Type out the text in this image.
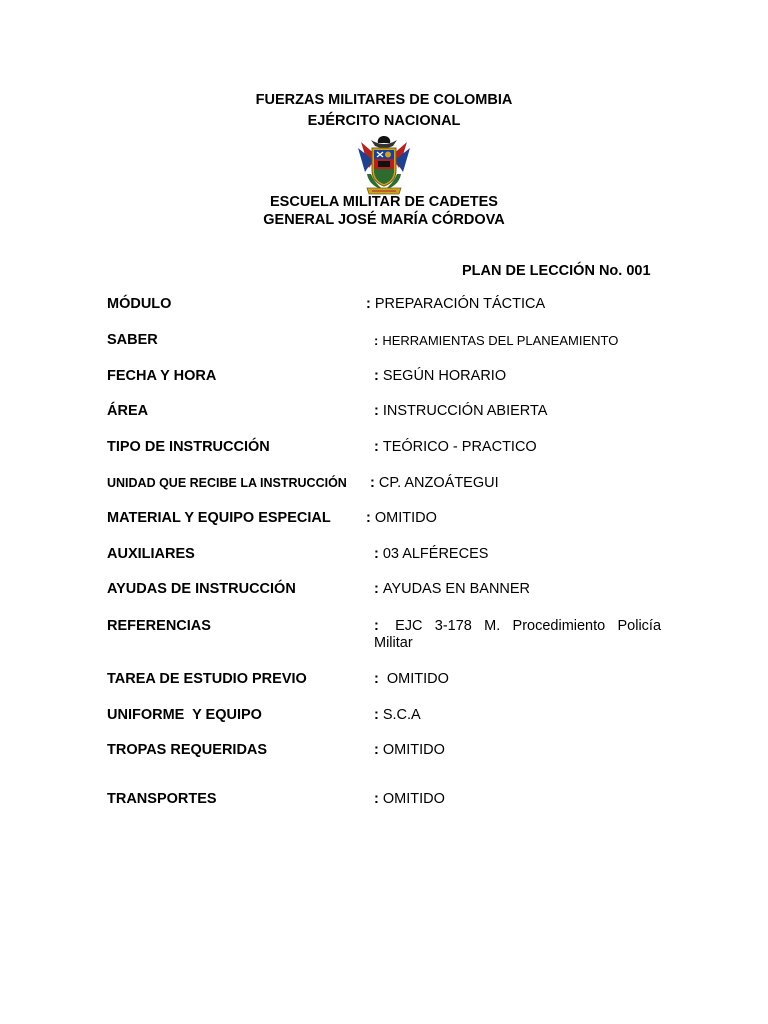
FUERZAS MILITARES DE COLOMBIA
EJÉRCITO NACIONAL
ESCUELA MILITAR DE CADETES
GENERAL JOSÉ MARÍA CÓRDOVA
PLAN DE LECCIÓN No. 001
MÓDULO	: PREPARACIÓN TÁCTICA
SABER	: HERRAMIENTAS DEL PLANEAMIENTO
FECHA Y HORA	: SEGÚN HORARIO
ÁREA	: INSTRUCCIÓN ABIERTA
TIPO DE INSTRUCCIÓN	: TEÓRICO - PRACTICO
UNIDAD QUE RECIBE LA INSTRUCCIÓN : CP. ANZOÁTEGUI
MATERIAL Y EQUIPO ESPECIAL : OMITIDO
AUXILIARES	: 03 ALFÉRECES
AYUDAS DE INSTRUCCIÓN	: AYUDAS EN BANNER
REFERENCIAS	: EJC 3-178 M. Procedimiento Policía
Militar
TAREA DE ESTUDIO PREVIO	: OMITIDO
UNIFORME  Y EQUIPO	: S.C.A
TROPAS REQUERIDAS	: OMITIDO
TRANSPORTES	: OMITIDO
